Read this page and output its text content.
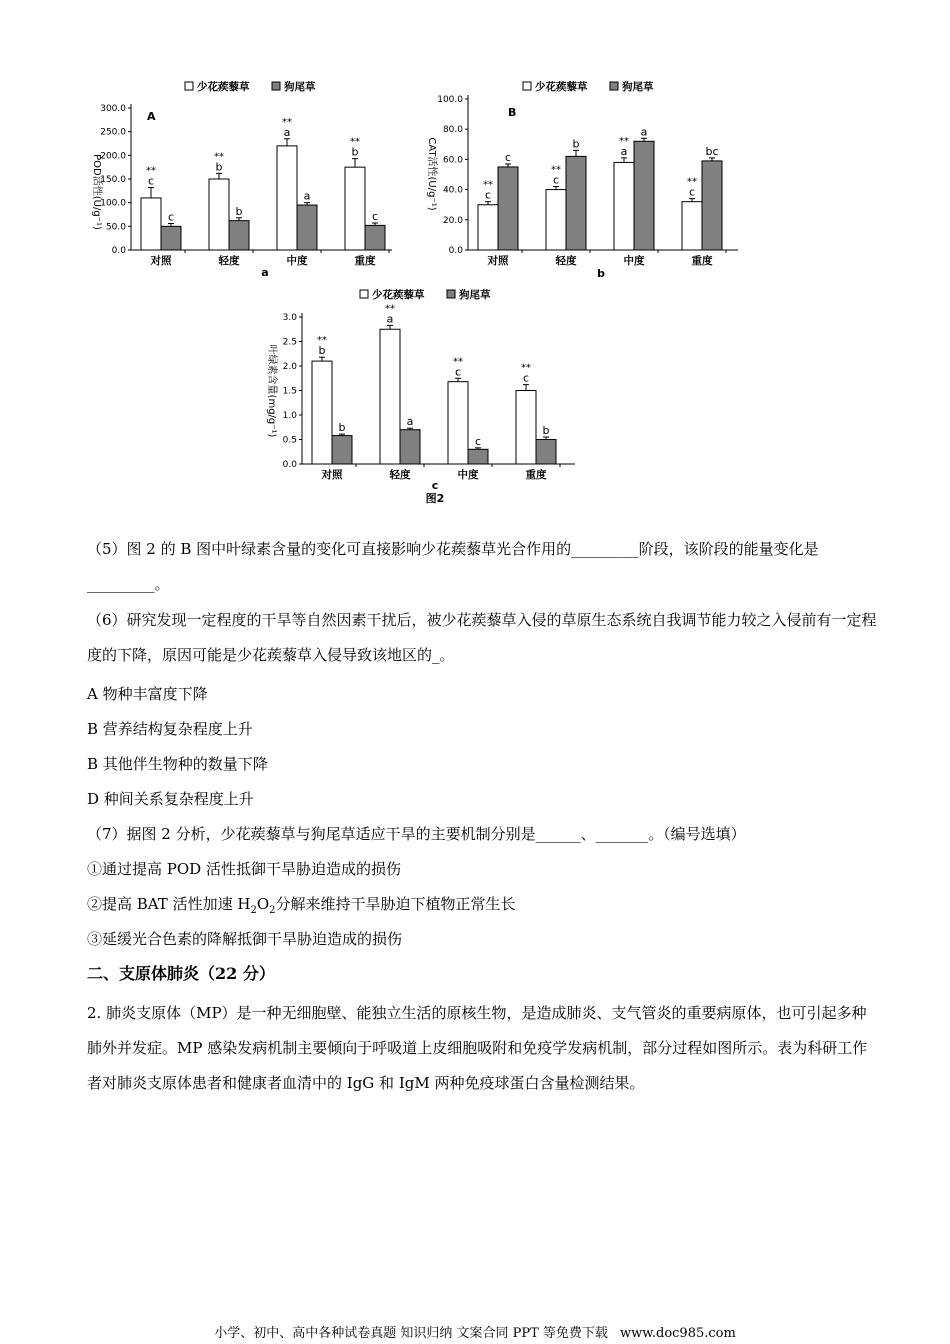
少花蒺藜草	狗尾草
A
POD活性(U/g⁻¹)
0.0
50.0
100.0
150.0
200.0
250.0
300.0
c
c
**
对照
b
b
**
轻度
a
a
**
中度
b
c
**
重度
a
少花蒺藜草	狗尾草
B
CAT活性(U/g⁻¹)
0.0
20.0
40.0
60.0
80.0
100.0
c
c
**
对照
c
b
**
轻度
a
a
**
中度
c
bc
**
重度
b
少花蒺藜草	狗尾草
叶绿素含量(mg/g⁻¹)
0.0
0.5
1.0
1.5
2.0
2.5
3.0
b
b
**
对照
a
a
**
轻度
c
c
**
中度
c
b
**
重度
c
图2

（5）图 2 的 B 图中叶绿素含量的变化可直接影响少花蒺藜草光合作用的_________阶段，该阶段的能量变化是_________。

（6）研究发现一定程度的干旱等自然因素干扰后，被少花蒺藜草入侵的草原生态系统自我调节能力较之入侵前有一定程度的下降，原因可能是少花蒺藜草入侵导致该地区的_。

A 物种丰富度下降
B 营养结构复杂程度上升
B 其他伴生物种的数量下降
D 种间关系复杂程度上升
（7）据图 2 分析，少花蒺藜草与狗尾草适应干旱的主要机制分别是______、_______。（编号选填）
①通过提高 POD 活性抵御干旱胁迫造成的损伤
②提高 BAT 活性加速 $H_2O_2$分解来维持干旱胁迫下植物正常生长
③延缓光合色素的降解抵御干旱胁迫造成的损伤
二、支原体肺炎（22 分）

2. 肺炎支原体（MP）是一种无细胞壁、能独立生活的原核生物，是造成肺炎、支气管炎的重要病原体，也可引起多种肺外并发症。MP 感染发病机制主要倾向于呼吸道上皮细胞吸附和免疫学发病机制，部分过程如图所示。表为科研工作者对肺炎支原体患者和健康者血清中的 IgG 和 IgM 两种免疫球蛋白含量检测结果。

小学、初中、高中各种试卷真题 知识归纳 文案合同 PPT 等免费下载 www.doc985.com
